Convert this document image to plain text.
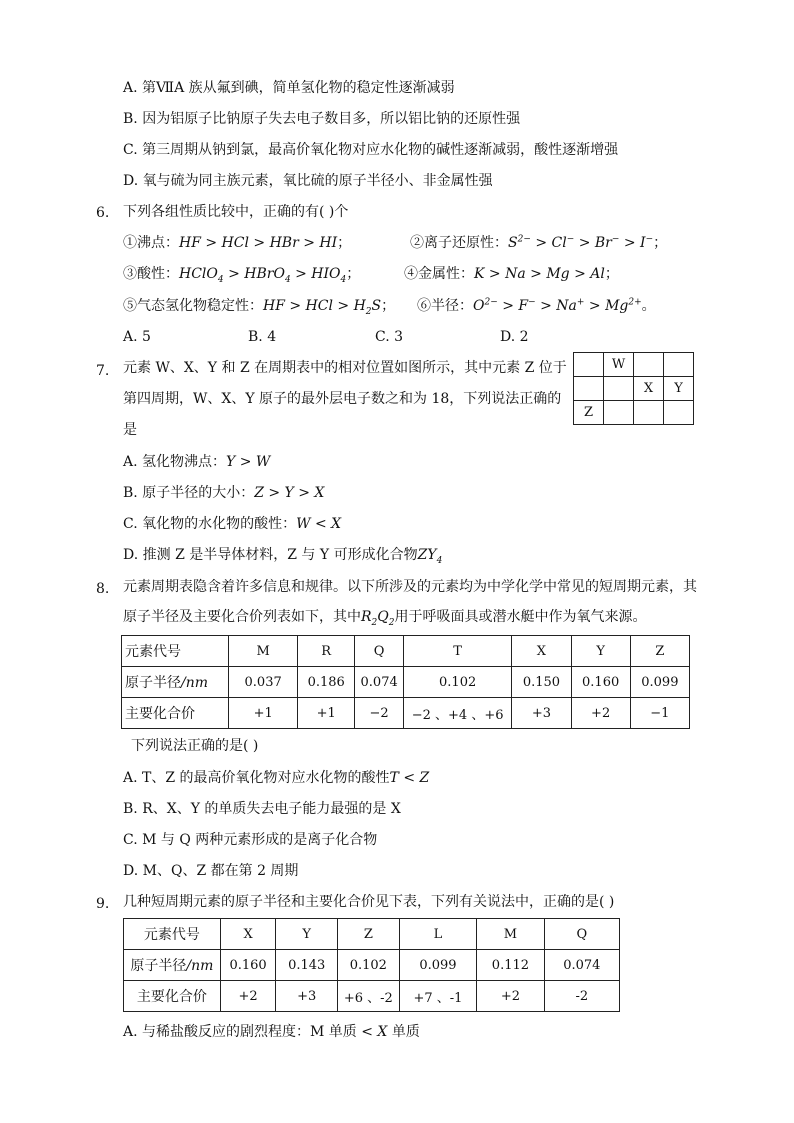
A. 第ⅦA 族从氟到碘，简单氢化物的稳定性逐渐减弱
B. 因为铝原子比钠原子失去电子数目多，所以铝比钠的还原性强
C. 第三周期从钠到氯，最高价氧化物对应水化物的碱性逐渐减弱，酸性逐渐增强
D. 氧与硫为同主族元素，氧比硫的原子半径小、非金属性强
6. 下列各组性质比较中，正确的有( )个
①沸点：HF > HCl > HBr > HI；	②离子还原性：$S^{2-} > Cl^- > Br^- > I^-$；
③酸性：HClO$_4$ > HBrO$_4$ > $HIO_4$；	④金属性：K > Na > Mg > Al；
⑤气态氢化物稳定性：HF > HCl > $H_2S$； ⑥半径：$O^{2-} > F^- > Na^+ > Mg^{2+}$。
A. 5	B. 4	C. 3	D. 2
7. 元素 W、X、Y 和 Z 在周期表中的相对位置如图所示，其中元素 Z 位于
第四周期，W、X、Y 原子的最外层电子数之和为 18，下列说法正确的
是
	W		
		X	Y
Z			
A. 氢化物沸点：Y > W
B. 原子半径的大小：Z > Y > X
C. 氧化物的水化物的酸性：W < X
D. 推测 Z 是半导体材料，Z 与 Y 可形成化合物$ZY_4$
8. 元素周期表隐含着许多信息和规律。以下所涉及的元素均为中学化学中常见的短周期元素，其
原子半径及主要化合价列表如下，其中$R_2Q_2$用于呼吸面具或潜水艇中作为氧气来源。
元素代号	M	R	Q	T	X	Y	Z
原子半径/nm	0.037	0.186	0.074	0.102	0.150	0.160	0.099
主要化合价	+1	+1	−2	−2 、+4 、+6	+3	+2	−1
下列说法正确的是( )
A. T、Z 的最高价氧化物对应水化物的酸性T < Z
B. R、X、Y 的单质失去电子能力最强的是 X
C. M 与 Q 两种元素形成的是离子化合物
D. M、Q、Z 都在第 2 周期
9. 几种短周期元素的原子半径和主要化合价见下表，下列有关说法中，正确的是( )
元素代号	X	Y	Z	L	M	Q
原子半径/nm	0.160	0.143	0.102	0.099	0.112	0.074
主要化合价	+2	+3	+6 、-2	+7 、-1	+2	-2
A. 与稀盐酸反应的剧烈程度：M 单质 < X 单质
